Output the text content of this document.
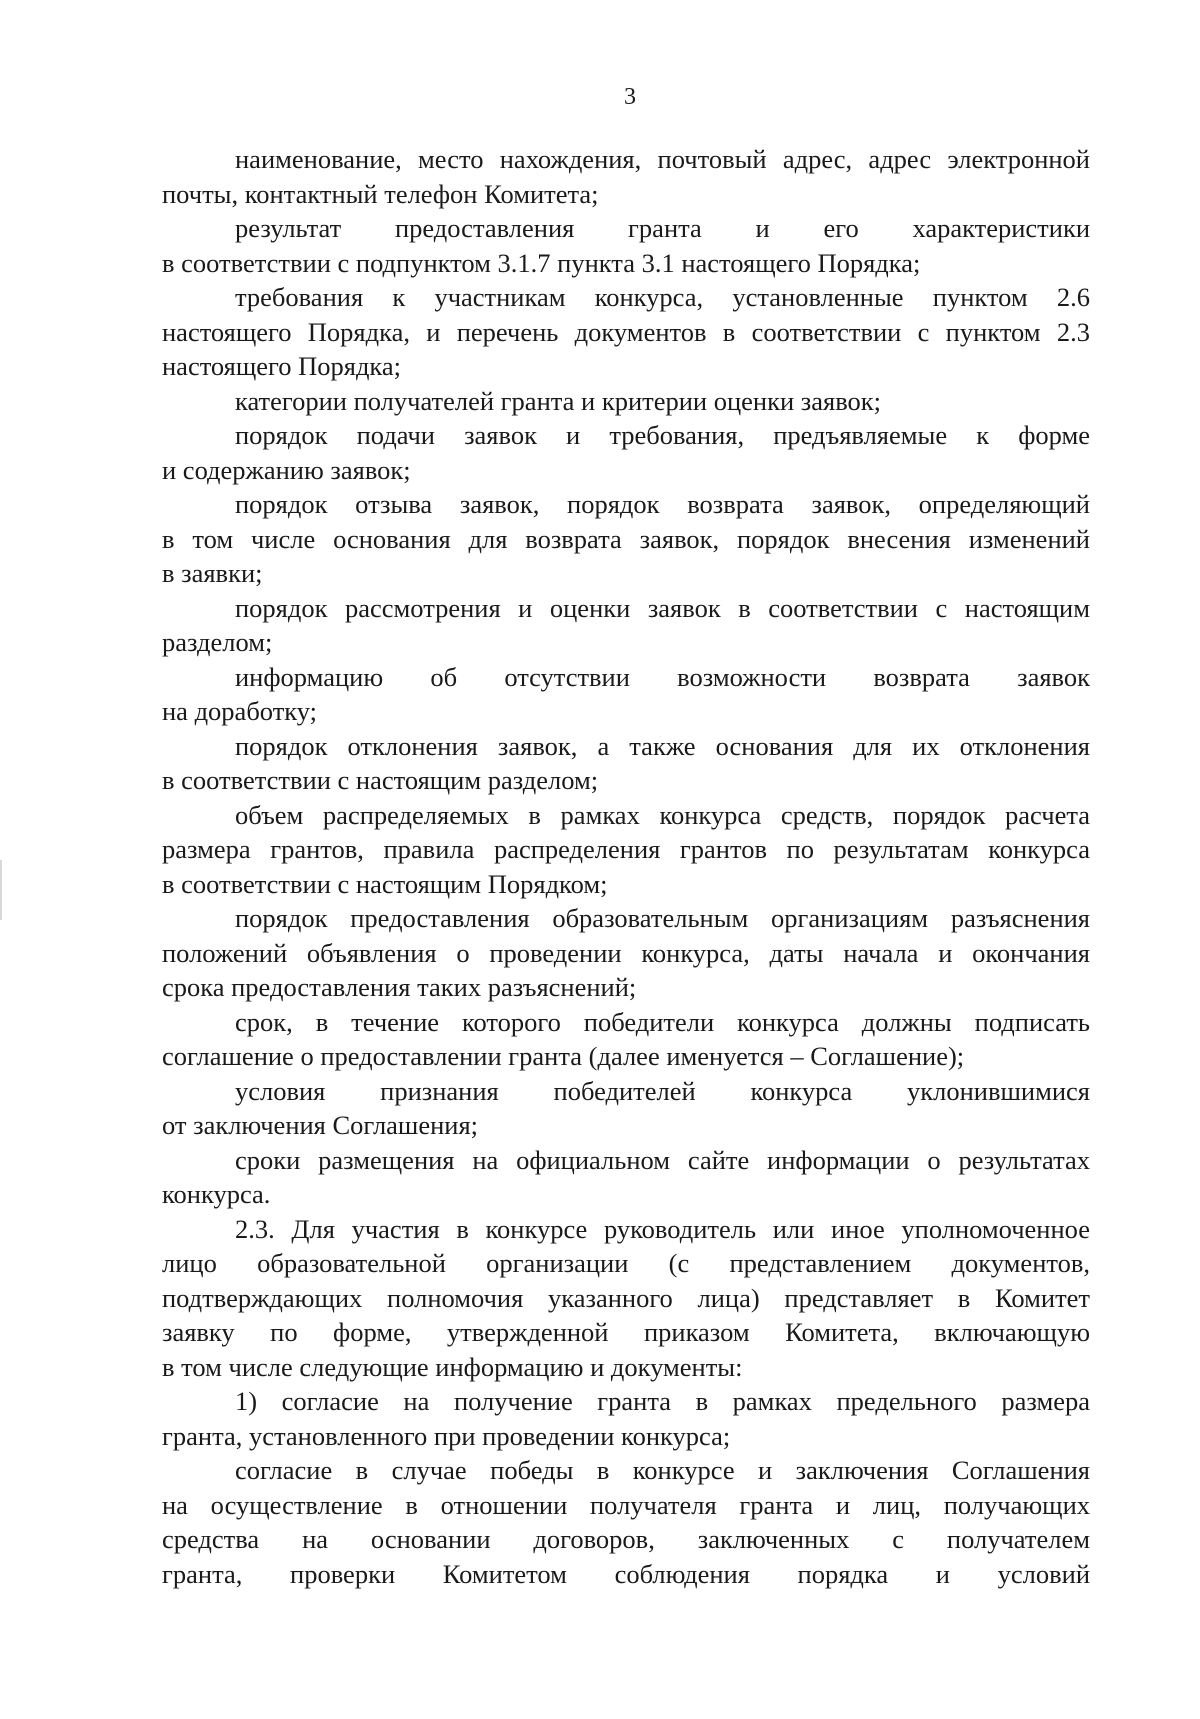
3
наименование, место нахождения, почтовый адрес, адрес электронной
почты, контактный телефон Комитета;
результат предоставления гранта и его характеристики
в соответствии с подпунктом 3.1.7 пункта 3.1 настоящего Порядка;
требования к участникам конкурса, установленные пунктом 2.6
настоящего Порядка, и перечень документов в соответствии с пунктом 2.3
настоящего Порядка;
категории получателей гранта и критерии оценки заявок;
порядок подачи заявок и требования, предъявляемые к форме
и содержанию заявок;
порядок отзыва заявок, порядок возврата заявок, определяющий
в том числе основания для возврата заявок, порядок внесения изменений
в заявки;
порядок рассмотрения и оценки заявок в соответствии с настоящим
разделом;
информацию об отсутствии возможности возврата заявок
на доработку;
порядок отклонения заявок, а также основания для их отклонения
в соответствии с настоящим разделом;
объем распределяемых в рамках конкурса средств, порядок расчета
размера грантов, правила распределения грантов по результатам конкурса
в соответствии с настоящим Порядком;
порядок предоставления образовательным организациям разъяснения
положений объявления о проведении конкурса, даты начала и окончания
срока предоставления таких разъяснений;
срок, в течение которого победители конкурса должны подписать
соглашение о предоставлении гранта (далее именуется – Соглашение);
условия признания победителей конкурса уклонившимися
от заключения Соглашения;
сроки размещения на официальном сайте информации о результатах
конкурса.
2.3. Для участия в конкурсе руководитель или иное уполномоченное
лицо образовательной организации (с представлением документов,
подтверждающих полномочия указанного лица) представляет в Комитет
заявку по форме, утвержденной приказом Комитета, включающую
в том числе следующие информацию и документы:
1) согласие на получение гранта в рамках предельного размера
гранта, установленного при проведении конкурса;
согласие в случае победы в конкурсе и заключения Соглашения
на осуществление в отношении получателя гранта и лиц, получающих
средства на основании договоров, заключенных с получателем
гранта, проверки Комитетом соблюдения порядка и условий
